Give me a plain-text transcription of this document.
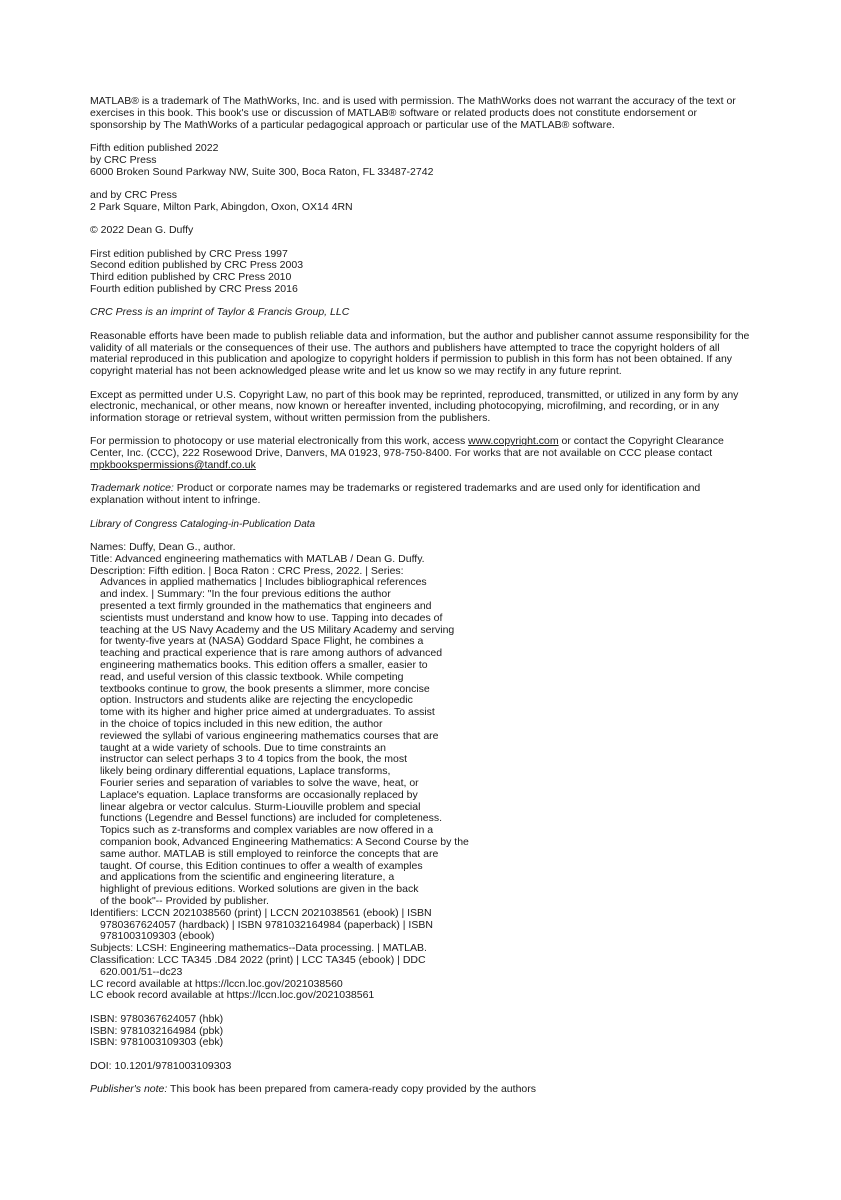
MATLAB® is a trademark of The MathWorks, Inc. and is used with permission. The MathWorks does not warrant the accuracy of the text or exercises in this book. This book's use or discussion of MATLAB® software or related products does not constitute endorsement or sponsorship by The MathWorks of a particular pedagogical approach or particular use of the MATLAB® software.

Fifth edition published 2022
by CRC Press
6000 Broken Sound Parkway NW, Suite 300, Boca Raton, FL 33487-2742
and by CRC Press
2 Park Square, Milton Park, Abingdon, Oxon, OX14 4RN
© 2022 Dean G. Duffy
First edition published by CRC Press 1997
Second edition published by CRC Press 2003
Third edition published by CRC Press 2010
Fourth edition published by CRC Press 2016
CRC Press is an imprint of Taylor & Francis Group, LLC

Reasonable efforts have been made to publish reliable data and information, but the author and publisher cannot assume responsibility for the validity of all materials or the consequences of their use. The authors and publishers have attempted to trace the copyright holders of all material reproduced in this publication and apologize to copyright holders if permission to publish in this form has not been obtained. If any copyright material has not been acknowledged please write and let us know so we may rectify in any future reprint.

Except as permitted under U.S. Copyright Law, no part of this book may be reprinted, reproduced, transmitted, or utilized in any form by any electronic, mechanical, or other means, now known or hereafter invented, including photocopying, microfilming, and recording, or in any information storage or retrieval system, without written permission from the publishers.

For permission to photocopy or use material electronically from this work, access www.copyright.com or contact the Copyright Clearance Center, Inc. (CCC), 222 Rosewood Drive, Danvers, MA 01923, 978-750-8400. For works that are not available on CCC please contact mpkbookspermissions@tandf.co.uk

Trademark notice: Product or corporate names may be trademarks or registered trademarks and are used only for identification and explanation without intent to infringe.

Library of Congress Cataloging-in-Publication Data
Names: Duffy, Dean G., author.
Title: Advanced engineering mathematics with MATLAB / Dean G. Duffy.
Description: Fifth edition. | Boca Raton : CRC Press, 2022. | Series:
Advances in applied mathematics | Includes bibliographical references
and index. | Summary: "In the four previous editions the author
presented a text firmly grounded in the mathematics that engineers and
scientists must understand and know how to use. Tapping into decades of
teaching at the US Navy Academy and the US Military Academy and serving
for twenty-five years at (NASA) Goddard Space Flight, he combines a
teaching and practical experience that is rare among authors of advanced
engineering mathematics books. This edition offers a smaller, easier to
read, and useful version of this classic textbook. While competing
textbooks continue to grow, the book presents a slimmer, more concise
option. Instructors and students alike are rejecting the encyclopedic
tome with its higher and higher price aimed at undergraduates. To assist
in the choice of topics included in this new edition, the author
reviewed the syllabi of various engineering mathematics courses that are
taught at a wide variety of schools. Due to time constraints an
instructor can select perhaps 3 to 4 topics from the book, the most
likely being ordinary differential equations, Laplace transforms,
Fourier series and separation of variables to solve the wave, heat, or
Laplace's equation. Laplace transforms are occasionally replaced by
linear algebra or vector calculus. Sturm-Liouville problem and special
functions (Legendre and Bessel functions) are included for completeness.
Topics such as z-transforms and complex variables are now offered in a
companion book, Advanced Engineering Mathematics: A Second Course by the
same author. MATLAB is still employed to reinforce the concepts that are
taught. Of course, this Edition continues to offer a wealth of examples
and applications from the scientific and engineering literature, a
highlight of previous editions. Worked solutions are given in the back
of the book"-- Provided by publisher.
Identifiers: LCCN 2021038560 (print) | LCCN 2021038561 (ebook) | ISBN
9780367624057 (hardback) | ISBN 9781032164984 (paperback) | ISBN
9781003109303 (ebook)
Subjects: LCSH: Engineering mathematics--Data processing. | MATLAB.
Classification: LCC TA345 .D84 2022 (print) | LCC TA345 (ebook) | DDC
620.001/51--dc23
LC record available at https://lccn.loc.gov/2021038560
LC ebook record available at https://lccn.loc.gov/2021038561
ISBN: 9780367624057 (hbk)
ISBN: 9781032164984 (pbk)
ISBN: 9781003109303 (ebk)
DOI: 10.1201/9781003109303
Publisher's note: This book has been prepared from camera-ready copy provided by the authors
